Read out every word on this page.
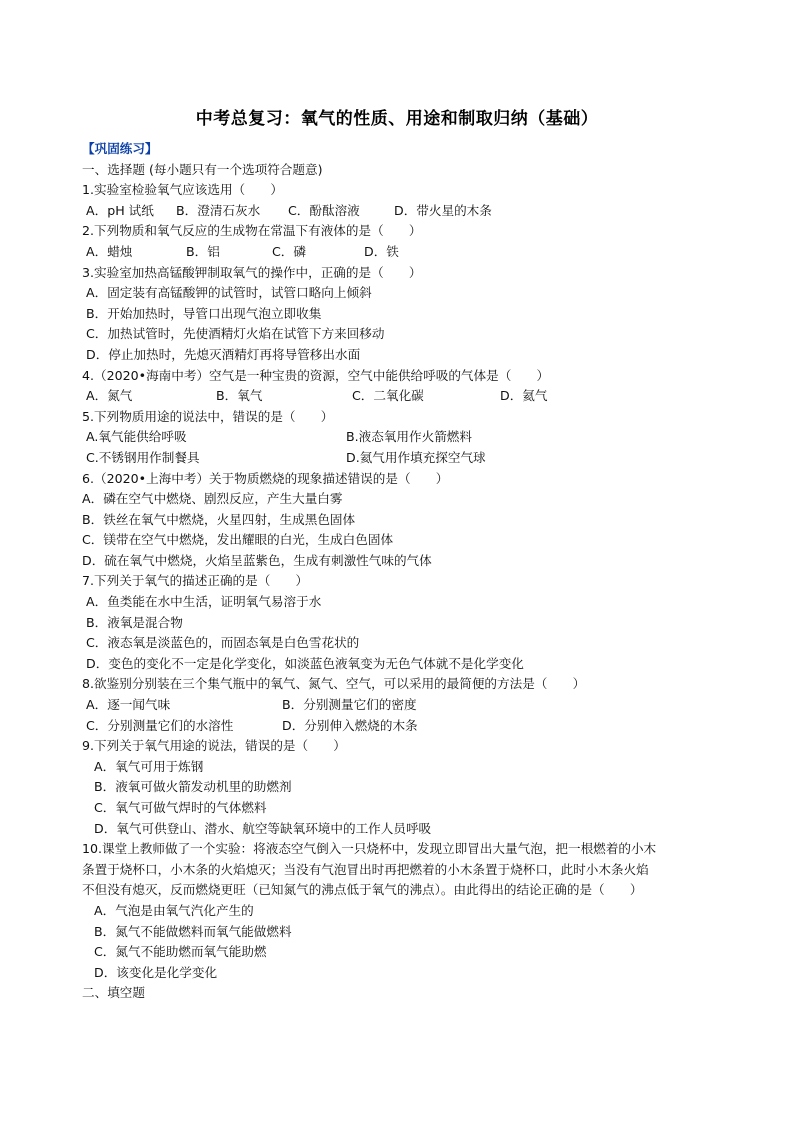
中考总复习：氧气的性质、用途和制取归纳（基础）
【巩固练习】
一、选择题 (每小题只有一个选项符合题意)
1.实验室检验氧气应该选用（　　）
A．pH 试纸	B．澄清石灰水	C．酚酞溶液	D．带火星的木条
2.下列物质和氧气反应的生成物在常温下有液体的是（　　）
A．蜡烛	B．铝	C．磷	D．铁
3.实验室加热高锰酸钾制取氧气的操作中，正确的是（　　）
A．固定装有高锰酸钾的试管时，试管口略向上倾斜
B．开始加热时，导管口出现气泡立即收集
C．加热试管时，先使酒精灯火焰在试管下方来回移动
D．停止加热时，先熄灭酒精灯再将导管移出水面
4.（2020•海南中考）空气是一种宝贵的资源，空气中能供给呼吸的气体是（　　）
A．氮气	B．氧气	C．二氧化碳	D．氦气
5.下列物质用途的说法中，错误的是（　　）
A.氧气能供给呼吸	B.液态氧用作火箭燃料
C.不锈钢用作制餐具	D.氦气用作填充探空气球
6.（2020•上海中考）关于物质燃烧的现象描述错误的是（　　）
A．磷在空气中燃烧、剧烈反应，产生大量白雾
B．铁丝在氧气中燃烧，火星四射，生成黑色固体
C．镁带在空气中燃烧，发出耀眼的白光，生成白色固体
D．硫在氧气中燃烧，火焰呈蓝紫色，生成有刺激性气味的气体
7.下列关于氧气的描述正确的是（　　）
A．鱼类能在水中生活，证明氧气易溶于水
B．液氧是混合物
C．液态氧是淡蓝色的，而固态氧是白色雪花状的
D．变色的变化不一定是化学变化，如淡蓝色液氧变为无色气体就不是化学变化
8.欲鉴别分别装在三个集气瓶中的氧气、氮气、空气，可以采用的最简便的方法是（　　）
A．逐一闻气味	B．分别测量它们的密度
C．分别测量它们的水溶性	D．分别伸入燃烧的木条
9.下列关于氧气用途的说法，错误的是（　　）
A．氧气可用于炼钢
B．液氧可做火箭发动机里的助燃剂
C．氧气可做气焊时的气体燃料
D．氧气可供登山、潜水、航空等缺氧环境中的工作人员呼吸
10.课堂上教师做了一个实验：将液态空气倒入一只烧杯中，发现立即冒出大量气泡，把一根燃着的小木
条置于烧杯口，小木条的火焰熄灭；当没有气泡冒出时再把燃着的小木条置于烧杯口，此时小木条火焰
不但没有熄灭，反而燃烧更旺（已知氮气的沸点低于氧气的沸点）。由此得出的结论正确的是（　　）
A．气泡是由氧气汽化产生的
B．氮气不能做燃料而氧气能做燃料
C．氮气不能助燃而氧气能助燃
D．该变化是化学变化
二、填空题
